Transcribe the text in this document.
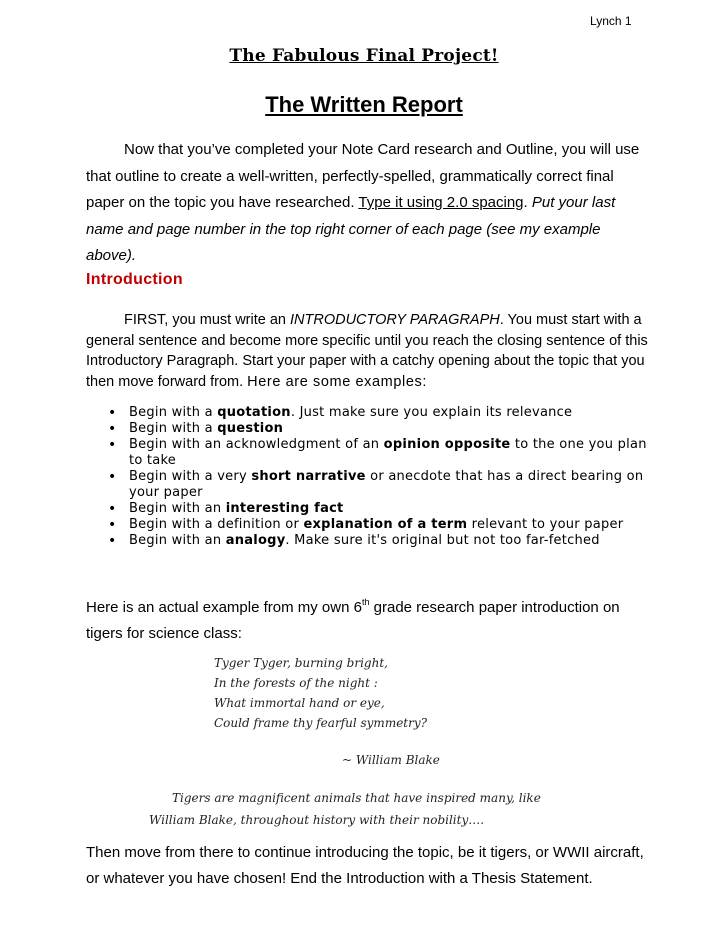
Lynch 1
The Fabulous Final Project!
The Written Report

Now that you’ve completed your Note Card research and Outline, you will use that outline to create a well-written, perfectly-spelled, grammatically correct final paper on the topic you have researched. Type it using 2.0 spacing. Put your last name and page number in the top right corner of each page (see my example above).

Introduction

FIRST, you must write an INTRODUCTORY PARAGRAPH. You must start with a general sentence and become more specific until you reach the closing sentence of this Introductory Paragraph. Start your paper with a catchy opening about the topic that you then move forward from. Here are some examples:

• Begin with a quotation. Just make sure you explain its relevance
• Begin with a question
• Begin with an acknowledgment of an opinion opposite to the one you plan to take
• Begin with a very short narrative or anecdote that has a direct bearing on your paper
• Begin with an interesting fact
• Begin with a definition or explanation of a term relevant to your paper
• Begin with an analogy. Make sure it's original but not too far-fetched

Here is an actual example from my own 6th grade research paper introduction on tigers for science class:

Tyger Tyger, burning bright,
In the forests of the night :
What immortal hand or eye,
Could frame thy fearful symmetry?
~ William Blake

Tigers are magnificent animals that have inspired many, like William Blake, throughout history with their nobility….

Then move from there to continue introducing the topic, be it tigers, or WWII aircraft, or whatever you have chosen! End the Introduction with a Thesis Statement.
